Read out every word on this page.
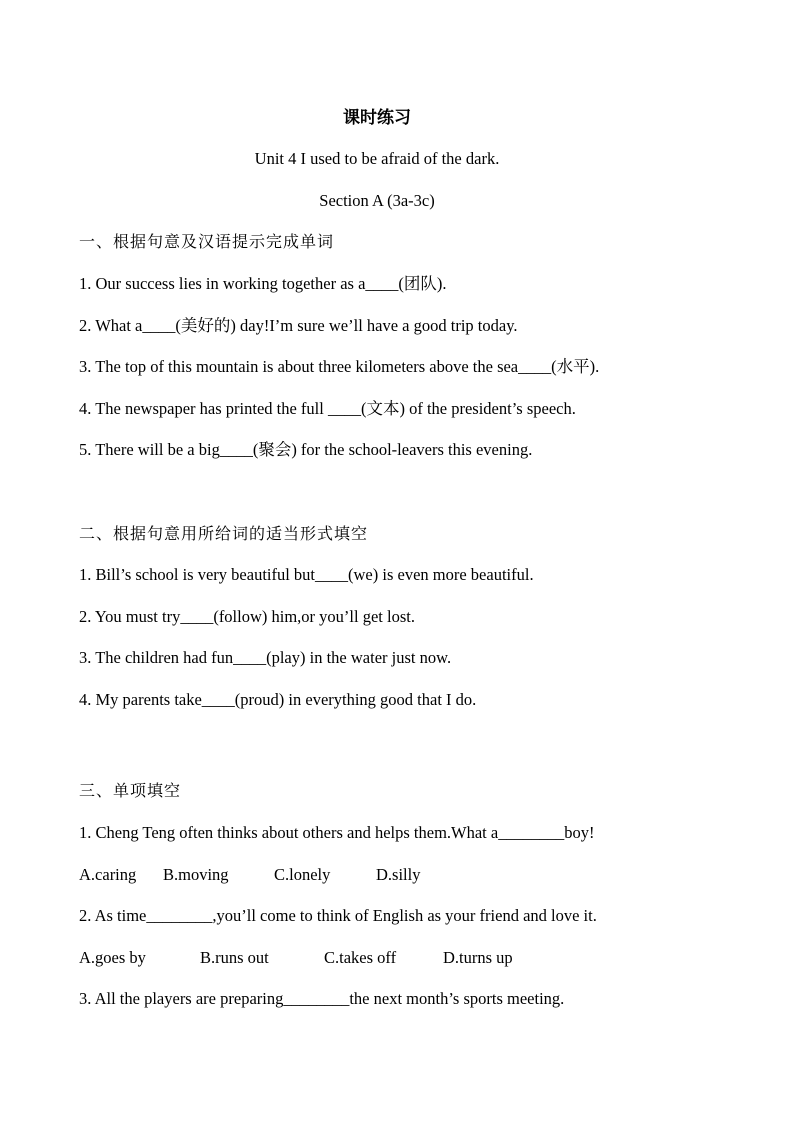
课时练习
Unit 4 I used to be afraid of the dark.
Section A (3a-3c)
一、根据句意及汉语提示完成单词
1. Our success lies in working together as a____(团队).
2. What a____(美好的) day!I’m sure we’ll have a good trip today.
3. The top of this mountain is about three kilometers above the sea____(水平).
4. The newspaper has printed the full ____(文本) of the president’s speech.
5. There will be a big____(聚会) for the school-leavers this evening.
二、根据句意用所给词的适当形式填空
1. Bill’s school is very beautiful but____(we) is even more beautiful.
2. You must try____(follow) him,or you’ll get lost.
3. The children had fun____(play) in the water just now.
4. My parents take____(proud) in everything good that I do.
三、单项填空
1. Cheng Teng often thinks about others and helps them.What a________boy!
A.caring B.moving	C.lonely	D.silly
2. As time________,you’ll come to think of English as your friend and love it.
A.goes by	B.runs out	C.takes off	D.turns up
3. All the players are preparing________the next month’s sports meeting.
